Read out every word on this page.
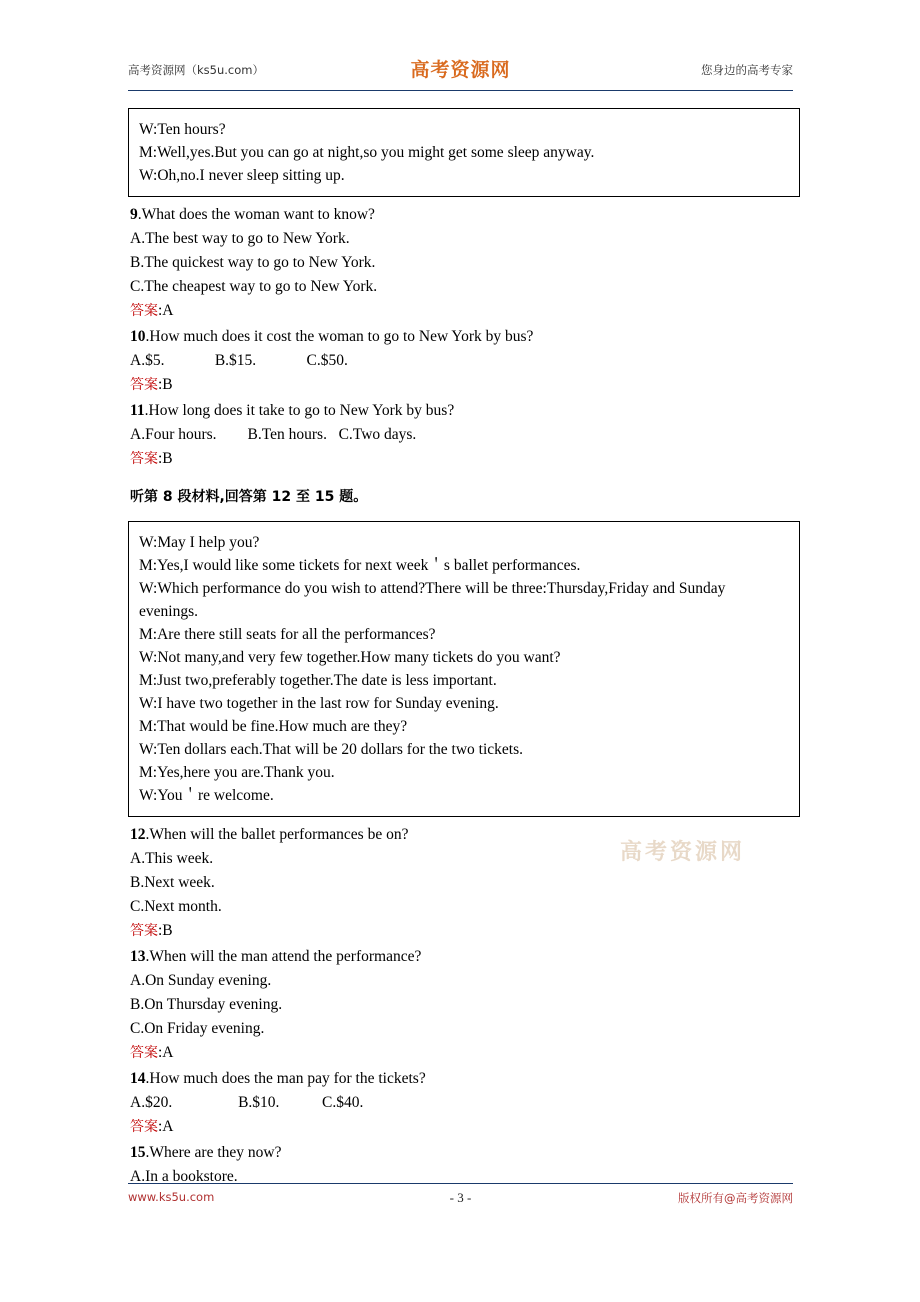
高考资源网（ks5u.com）	高考资源网	您身边的高考专家
W:Ten hours?
M:Well,yes.But you can go at night,so you might get some sleep anyway.
W:Oh,no.I never sleep sitting up.
9.What does the woman want to know?
A.The best way to go to New York.
B.The quickest way to go to New York.
C.The cheapest way to go to New York.
答案:A
10.How much does it cost the woman to go to New York by bus?
A.$5.             B.$15.             C.$50.
答案:B
11.How long does it take to go to New York by bus?
A.Four hours.        B.Ten hours.   C.Two days.
答案:B
听第 8 段材料,回答第 12 至 15 题。
W:May I help you?
M:Yes,I would like some tickets for next week＇s ballet performances.
W:Which performance do you wish to attend?There will be three:Thursday,Friday and Sunday evenings.
M:Are there still seats for all the performances?
W:Not many,and very few together.How many tickets do you want?
M:Just two,preferably together.The date is less important.
W:I have two together in the last row for Sunday evening.
M:That would be fine.How much are they?
W:Ten dollars each.That will be 20 dollars for the two tickets.
M:Yes,here you are.Thank you.
W:You＇re welcome.
12.When will the ballet performances be on?
A.This week.
B.Next week.
C.Next month.
答案:B
13.When will the man attend the performance?
A.On Sunday evening.
B.On Thursday evening.
C.On Friday evening.
答案:A
14.How much does the man pay for the tickets?
A.$20.                 B.$10.           C.$40.
答案:A
15.Where are they now?
A.In a bookstore.
高考资源网
www.ks5u.com	- 3 -	版权所有@高考资源网
